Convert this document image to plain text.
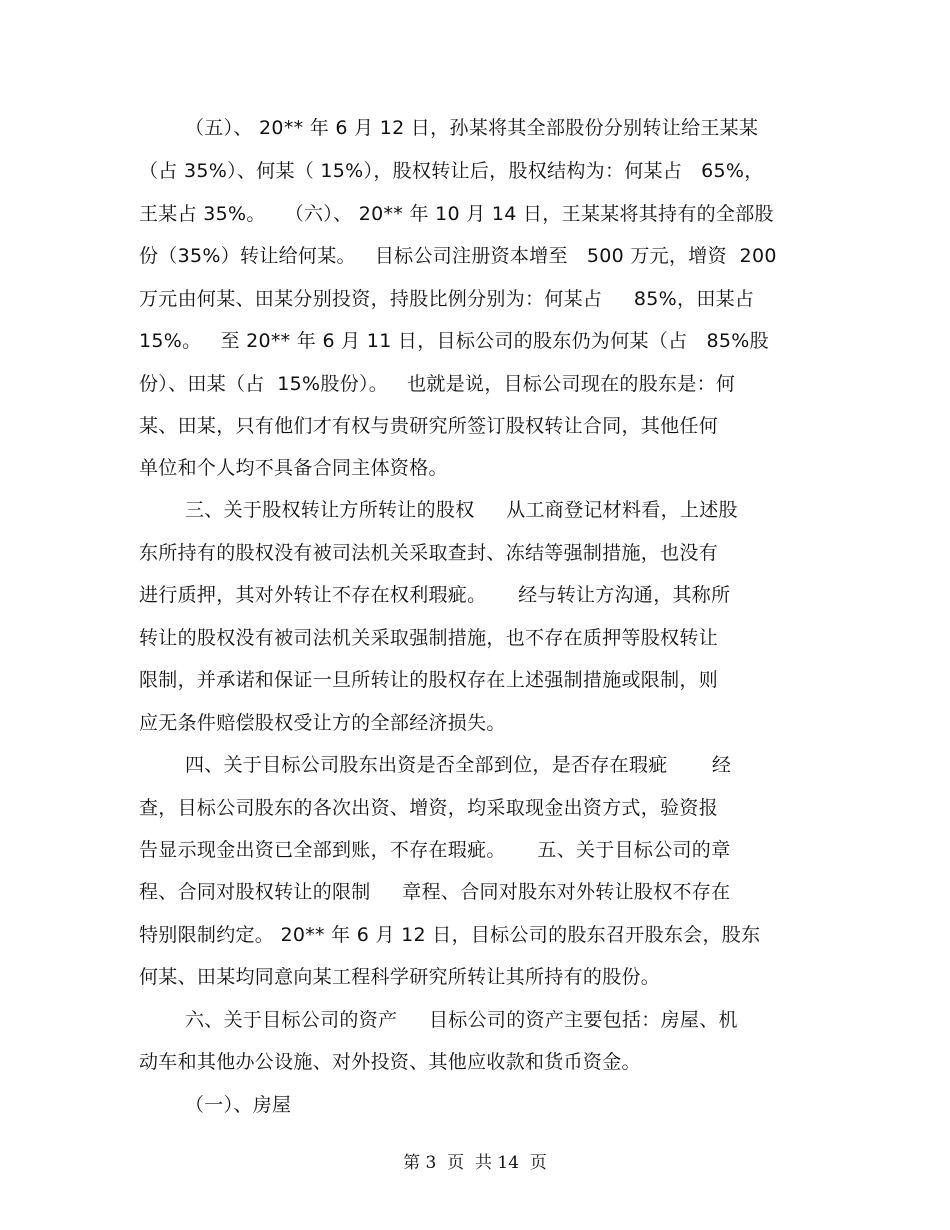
（五）、 20** 年 6 月 12 日，孙某将其全部股份分别转让给王某某
（占 35%）、何某（ 15%），股权转让后，股权结构为：何某占   65%，
王某占 35%。   （六）、 20** 年 10 月 14 日，王某某将其持有的全部股
份（35%）转让给何某。   目标公司注册资本增至   500 万元，增资  200
万元由何某、田某分别投资，持股比例分别为：何某占     85%，田某占
15%。   至 20** 年 6 月 11 日，目标公司的股东仍为何某（占   85%股
份）、田某（占  15%股份）。   也就是说，目标公司现在的股东是：何
某、田某，只有他们才有权与贵研究所签订股权转让合同，其他任何
单位和个人均不具备合同主体资格。
三、关于股权转让方所转让的股权     从工商登记材料看，上述股
东所持有的股权没有被司法机关采取查封、冻结等强制措施，也没有
进行质押，其对外转让不存在权利瑕疵。     经与转让方沟通，其称所
转让的股权没有被司法机关采取强制措施，也不存在质押等股权转让
限制，并承诺和保证一旦所转让的股权存在上述强制措施或限制，则
应无条件赔偿股权受让方的全部经济损失。
四、关于目标公司股东出资是否全部到位，是否存在瑕疵       经
查，目标公司股东的各次出资、增资，均采取现金出资方式，验资报
告显示现金出资已全部到账，不存在瑕疵。     五、关于目标公司的章
程、合同对股权转让的限制     章程、合同对股东对外转让股权不存在
特别限制约定。 20** 年 6 月 12 日，目标公司的股东召开股东会，股东
何某、田某均同意向某工程科学研究所转让其所持有的股份。
六、关于目标公司的资产     目标公司的资产主要包括：房屋、机
动车和其他办公设施、对外投资、其他应收款和货币资金。
（一）、房屋
第 3  页  共 14  页
